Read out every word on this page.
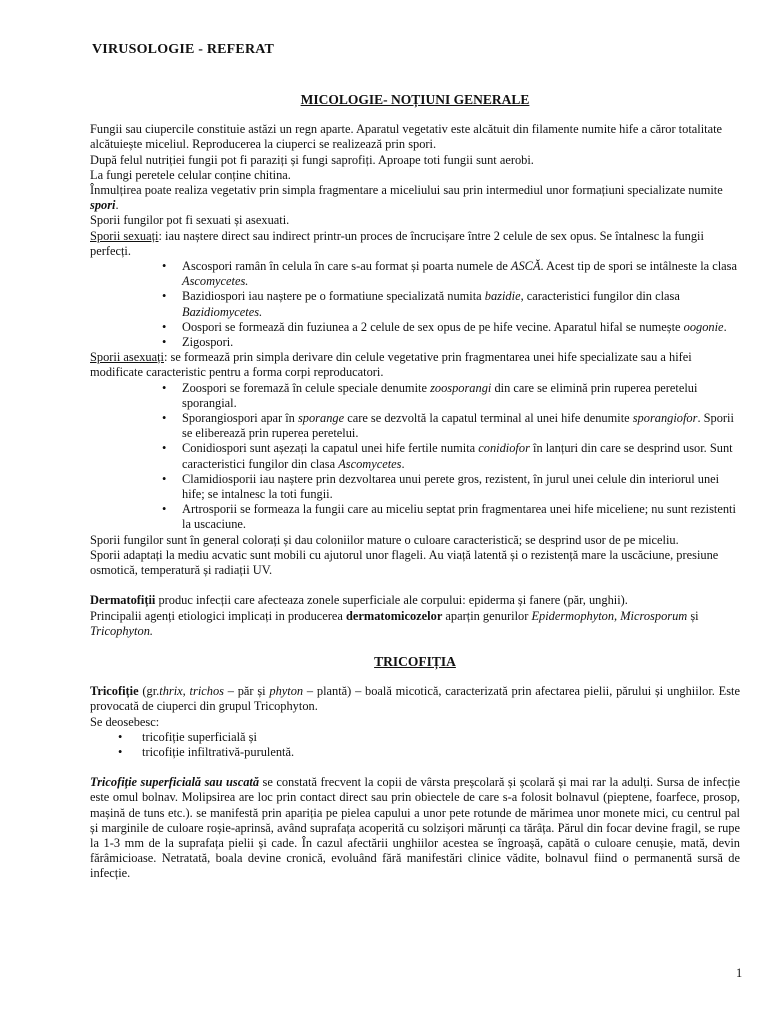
VIRUSOLOGIE - REFERAT

MICOLOGIE- NOȚIUNI GENERALE

Fungii sau ciupercile constituie astăzi un regn aparte. Aparatul vegetativ este alcătuit din filamente numite hife a căror totalitate alcătuiește miceliul. Reproducerea la ciuperci se realizează prin spori.

După felul nutriției fungii pot fi paraziți și fungi saprofiți. Aproape toti fungii sunt aerobi.

La fungi peretele celular conține chitina.

Înmulțirea poate realiza vegetativ prin simpla fragmentare a miceliului sau prin intermediul unor formațiuni specializate numite spori.

Sporii fungilor pot fi sexuati și asexuati.

Sporii sexuați: iau naștere direct sau indirect printr-un proces de încrucișare între 2 celule de sex opus. Se întalnesc la fungii perfecți.

• Ascospori ramân în celula în care s-au format și poarta numele de ASCĂ. Acest tip de spori se intâlneste la clasa Ascomycetes.
• Bazidiospori iau naștere pe o formatiune specializată numita bazidie, caracteristici fungilor din clasa Bazidiomycetes.
• Oospori se formează din fuziunea a 2 celule de sex opus de pe hife vecine. Aparatul hifal se numește oogonie.
• Zigospori.

Sporii asexuați: se formează prin simpla derivare din celule vegetative prin fragmentarea unei hife specializate sau a hifei modificate caracteristic pentru a forma corpi reproducatori.

• Zoospori se foremază în celule speciale denumite zoosporangi din care se elimină prin ruperea peretelui sporangial.
• Sporangiospori apar în sporange care se dezvoltă la capatul terminal al unei hife denumite sporangiofor. Sporii se eliberează prin ruperea peretelui.
• Conidiospori sunt așezați la capatul unei hife fertile numita conidiofor în lanțuri din care se desprind usor. Sunt caracteristici fungilor din clasa Ascomycetes.
• Clamidiosporii iau naștere prin dezvoltarea unui perete gros, rezistent, în jurul unei celule din interiorul unei hife; se intalnesc la toti fungii.
• Artrosporii se formeaza la fungii care au miceliu septat prin fragmentarea unei hife miceliene; nu sunt rezistenti la uscaciune.

Sporii fungilor sunt în general colorați și dau coloniilor mature o culoare caracteristică; se desprind usor de pe miceliu.

Sporii adaptați la mediu acvatic sunt mobili cu ajutorul unor flageli. Au viață latentă și o rezistență mare la uscăciune, presiune osmotică, temperatură și radiații UV.

Dermatofiții produc infecții care afecteaza zonele superficiale ale corpului: epiderma și fanere (păr, unghii).

Principalii agenți etiologici implicați in producerea dermatomicozelor aparțin genurilor Epidermophyton, Microsporum și Tricophyton.

TRICOFIȚIA

Tricofiție (gr.thrix, trichos – păr și phyton – plantă) – boală micotică, caracterizată prin afectarea pielii, părului și unghiilor. Este provocată de ciuperci din grupul Tricophyton.

Se deosebesc:

• tricofiție superficială și
• tricofiție infiltrativă-purulentă.

Tricofiție superficială sau uscată se constată frecvent la copii de vârsta preșcolară și școlară și mai rar la adulți. Sursa de infecție este omul bolnav. Molipsirea are loc prin contact direct sau prin obiectele de care s-a folosit bolnavul (pieptene, foarfece, prosop, mașină de tuns etc.). se manifestă prin apariția pe pielea capului a unor pete rotunde de mărimea unor monete mici, cu centrul pal și marginile de culoare roșie-aprinsă, având suprafața acoperită cu solzișori mărunți ca tărâța. Părul din focar devine fragil, se rupe la 1-3 mm de la suprafața pielii și cade. În cazul afectării unghiilor acestea se îngroașă, capătă o culoare cenușie, mată, devin fărâmicioase. Netratată, boala devine cronică, evoluând fără manifestări clinice vădite, bolnavul fiind o permanentă sursă de infecție.

1
